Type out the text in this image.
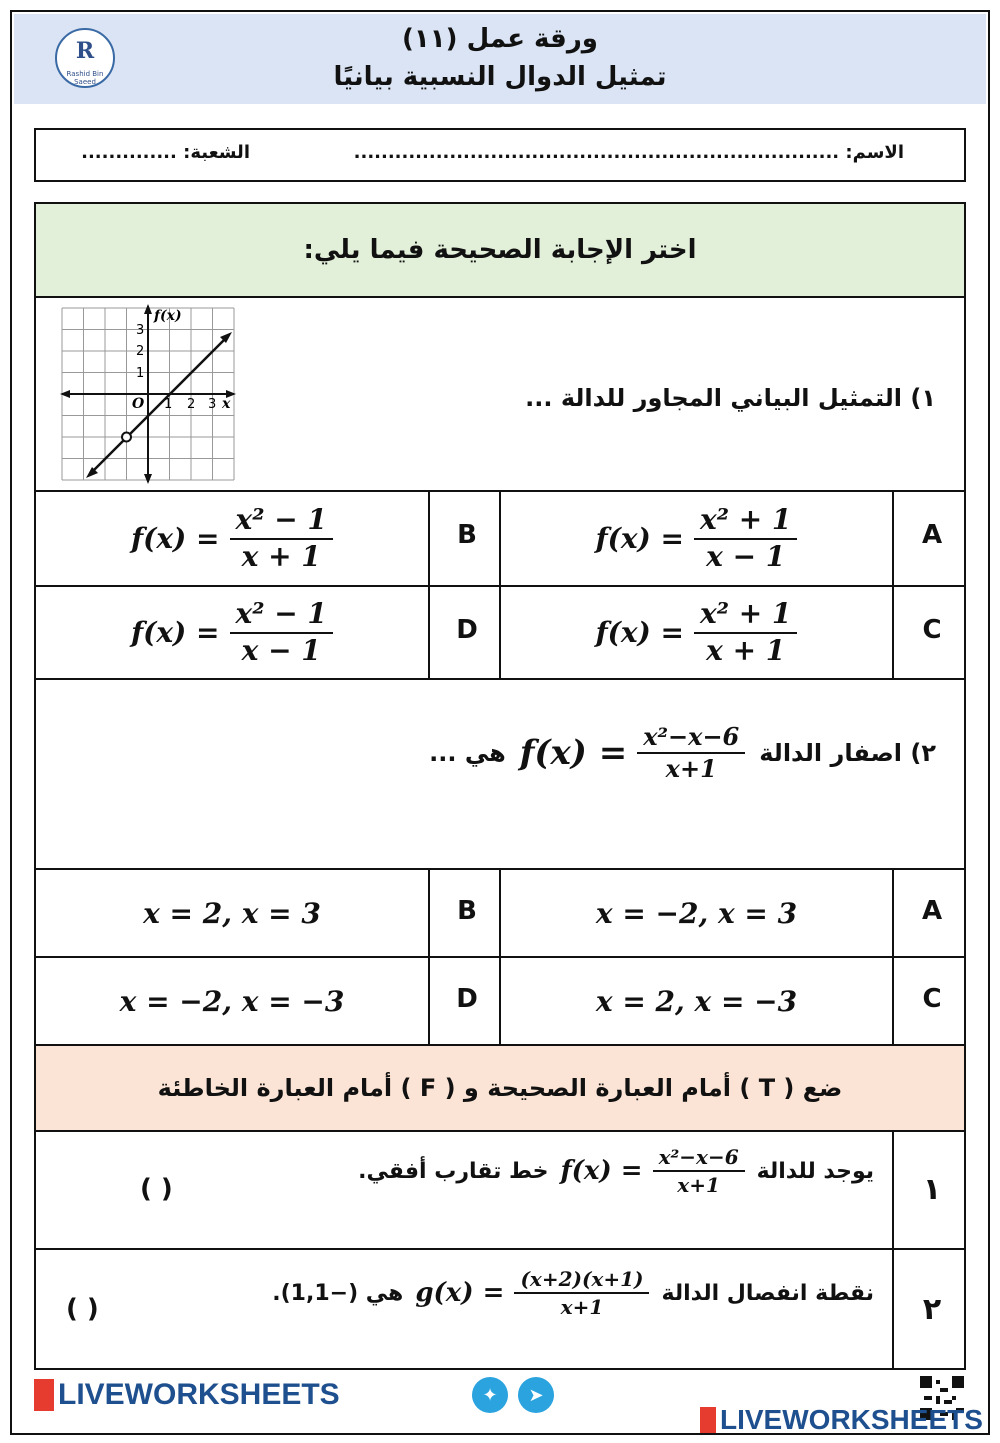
ورقة عمل (١١)
تمثيل الدوال النسبية بيانيًا
R
Rashid Bin Saeed
الاسم: .......................................................................
الشعبة: ..............
اختر الإجابة الصحيحة فيما يلي:
f(x)
x
O 1 2 3
1
2
3
١) التمثيل البياني المجاور للدالة ...
A
$f(x) = \frac{\text{x² + 1}}{x - 1}$
B
$f(x) = \frac{\text{x² − 1}}{x + 1}$
C
$f(x) = \frac{\text{x² + 1}}{x + 1}$
D
$f(x) = \frac{\text{x² − 1}}{x - 1}$
٢) اصفار الدالة
$f(x) = \frac{\text{x²−x−6}}{x+1}$
هي ...
A
x = −2, x = 3
B
x = 2, x = 3
C
x = 2, x = −3
D
x = −2, x = −3
ضع ( T ) أمام العبارة الصحيحة و ( F ) أمام العبارة الخاطئة
١
يوجد للدالة
$f(x) = \frac{\text{x²−x−6}}{x+1}$
خط تقارب أفقي.
( )
٢
نقطة انفصال الدالة
$g(x) = \frac{(x+2)(x+1)}{x+1}$
هي (−1,1).
( )
LIVEWORKSHEETS	✦	➤
LIVEWORKSHEETS
